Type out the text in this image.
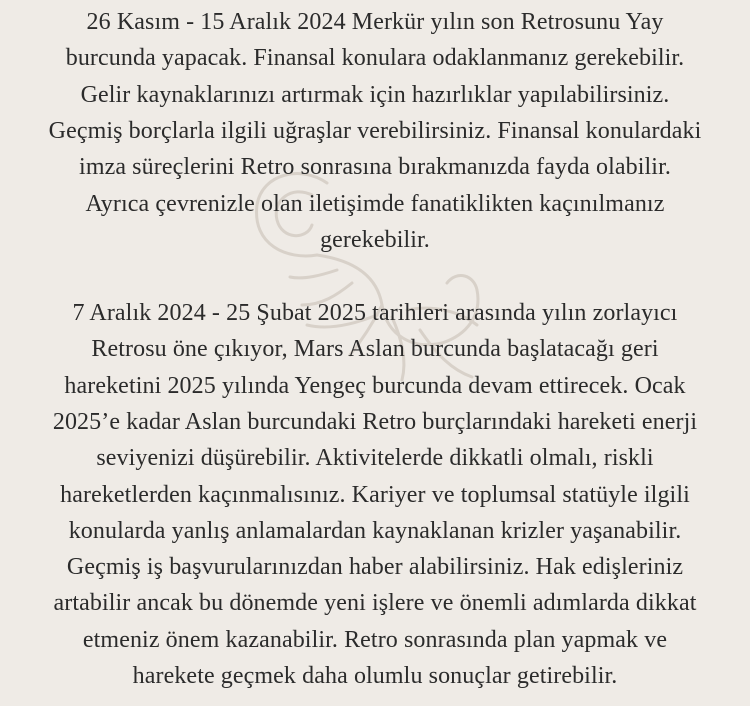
26 Kasım - 15 Aralık 2024 Merkür yılın son Retrosunu Yay
burcunda yapacak. Finansal konulara odaklanmanız gerekebilir.
Gelir kaynaklarınızı artırmak için hazırlıklar yapılabilirsiniz.
Geçmiş borçlarla ilgili uğraşlar verebilirsiniz. Finansal konulardaki
imza süreçlerini Retro sonrasına bırakmanızda fayda olabilir.
Ayrıca çevrenizle olan iletişimde fanatiklikten kaçınılmanız
gerekebilir.
7 Aralık 2024 - 25 Şubat 2025 tarihleri arasında yılın zorlayıcı
Retrosu öne çıkıyor, Mars Aslan burcunda başlatacağı geri
hareketini 2025 yılında Yengeç burcunda devam ettirecek. Ocak
2025’e kadar Aslan burcundaki Retro burçlarındaki hareketi enerji
seviyenizi düşürebilir. Aktivitelerde dikkatli olmalı, riskli
hareketlerden kaçınmalısınız. Kariyer ve toplumsal statüyle ilgili
konularda yanlış anlamalardan kaynaklanan krizler yaşanabilir.
Geçmiş iş başvurularınızdan haber alabilirsiniz. Hak edişleriniz
artabilir ancak bu dönemde yeni işlere ve önemli adımlarda dikkat
etmeniz önem kazanabilir. Retro sonrasında plan yapmak ve
harekete geçmek daha olumlu sonuçlar getirebilir.
